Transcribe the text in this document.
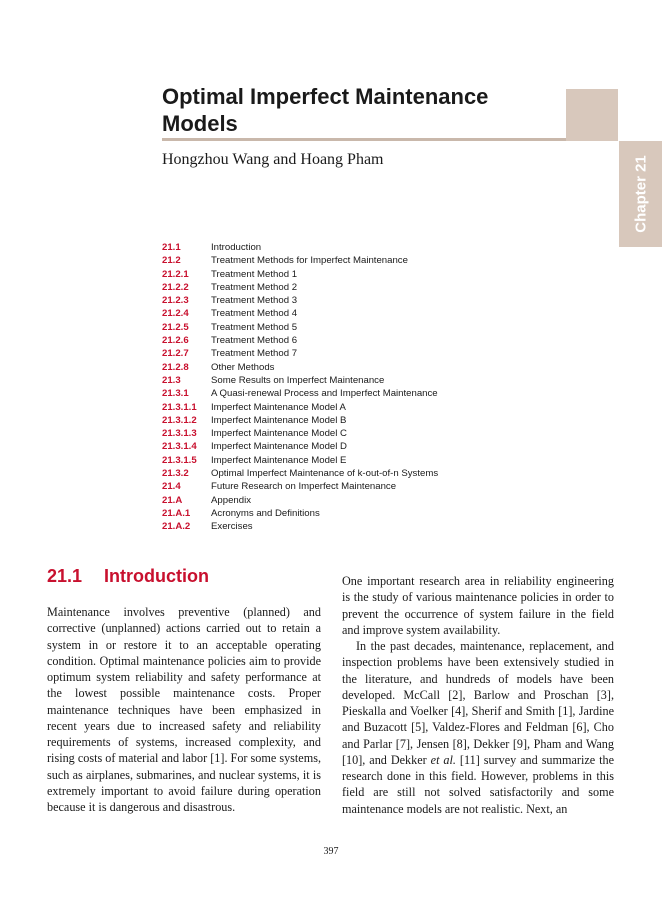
Chapter 21
Optimal Imperfect Maintenance
Models
Hongzhou Wang and Hoang Pham
21.1	Introduction
21.2	Treatment Methods for Imperfect Maintenance
21.2.1	Treatment Method 1
21.2.2	Treatment Method 2
21.2.3	Treatment Method 3
21.2.4	Treatment Method 4
21.2.5	Treatment Method 5
21.2.6	Treatment Method 6
21.2.7	Treatment Method 7
21.2.8	Other Methods
21.3	Some Results on Imperfect Maintenance
21.3.1	A Quasi-renewal Process and Imperfect Maintenance
21.3.1.1	Imperfect Maintenance Model A
21.3.1.2	Imperfect Maintenance Model B
21.3.1.3	Imperfect Maintenance Model C
21.3.1.4	Imperfect Maintenance Model D
21.3.1.5	Imperfect Maintenance Model E
21.3.2	Optimal Imperfect Maintenance of k-out-of-n Systems
21.4	Future Research on Imperfect Maintenance
21.A	Appendix
21.A.1	Acronyms and Definitions
21.A.2	Exercises
21.1 Introduction

Maintenance involves preventive (planned) and corrective (unplanned) actions carried out to retain a system in or restore it to an acceptable operating condition. Optimal maintenance policies aim to provide optimum system reliability and safety performance at the lowest possible maintenance costs. Proper maintenance techniques have been emphasized in recent years due to increased safety and reliability requirements of systems, increased complexity, and rising costs of material and labor [1]. For some systems, such as airplanes, submarines, and nuclear systems, it is extremely important to avoid failure during operation because it is dangerous and disastrous.

One important research area in reliability engineering is the study of various maintenance policies in order to prevent the occurrence of system failure in the field and improve system availability.

In the past decades, maintenance, replacement, and inspection problems have been extensively studied in the literature, and hundreds of models have been developed. McCall [2], Barlow and Proschan [3], Pieskalla and Voelker [4], Sherif and Smith [1], Jardine and Buzacott [5], Valdez-Flores and Feldman [6], Cho and Parlar [7], Jensen [8], Dekker [9], Pham and Wang [10], and Dekker et al. [11] survey and summarize the research done in this field. However, problems in this field are still not solved satisfactorily and some maintenance models are not realistic. Next, an

397
